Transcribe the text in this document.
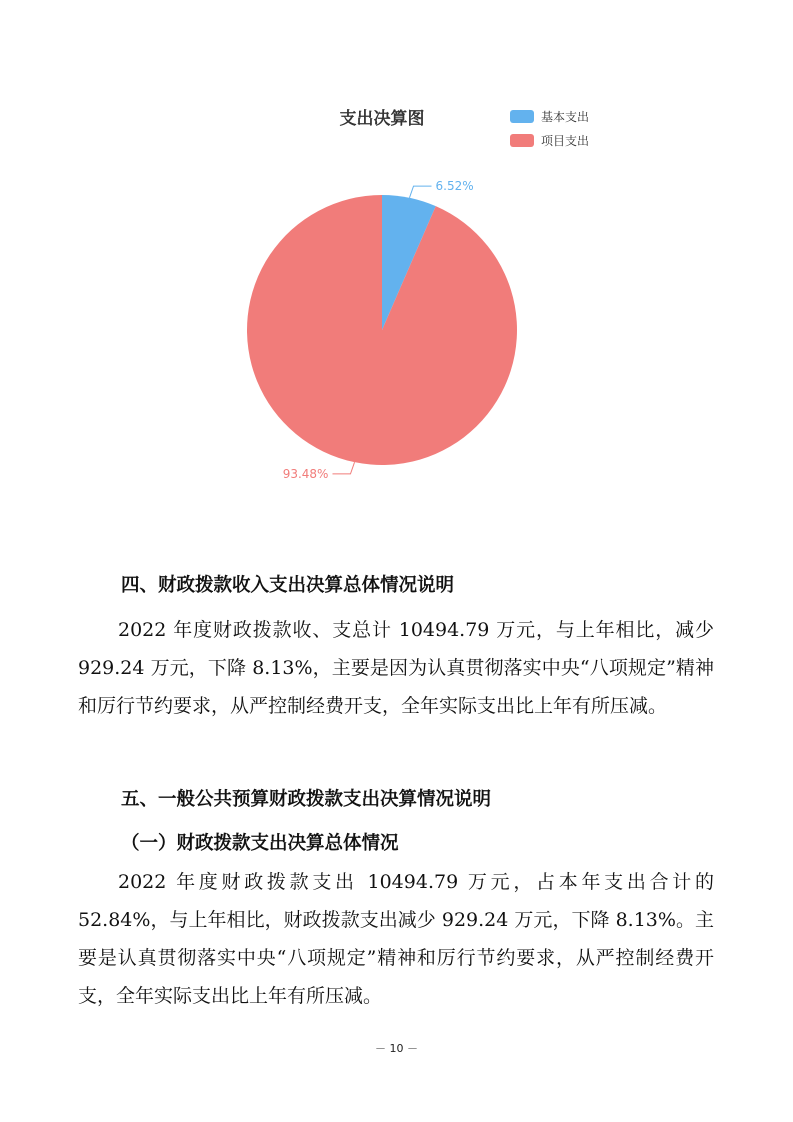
支出决算图	基本支出
项目支出
6.52%
93.48%
四、财政拨款收入支出决算总体情况说明
2022 年度财政拨款收、支总计 10494.79 万元，与上年相比，减少 929.24 万元，下降 8.13%，主要是因为认真贯彻落实中央“八项规定”精神和厉行节约要求，从严控制经费开支，全年实际支出比上年有所压减。
五、一般公共预算财政拨款支出决算情况说明
（一）财政拨款支出决算总体情况
2022 年度财政拨款支出 10494.79 万元，占本年支出合计的 52.84%，与上年相比，财政拨款支出减少 929.24 万元，下降 8.13%。主要是认真贯彻落实中央“八项规定”精神和厉行节约要求，从严控制经费开支，全年实际支出比上年有所压减。
－ 10 －
